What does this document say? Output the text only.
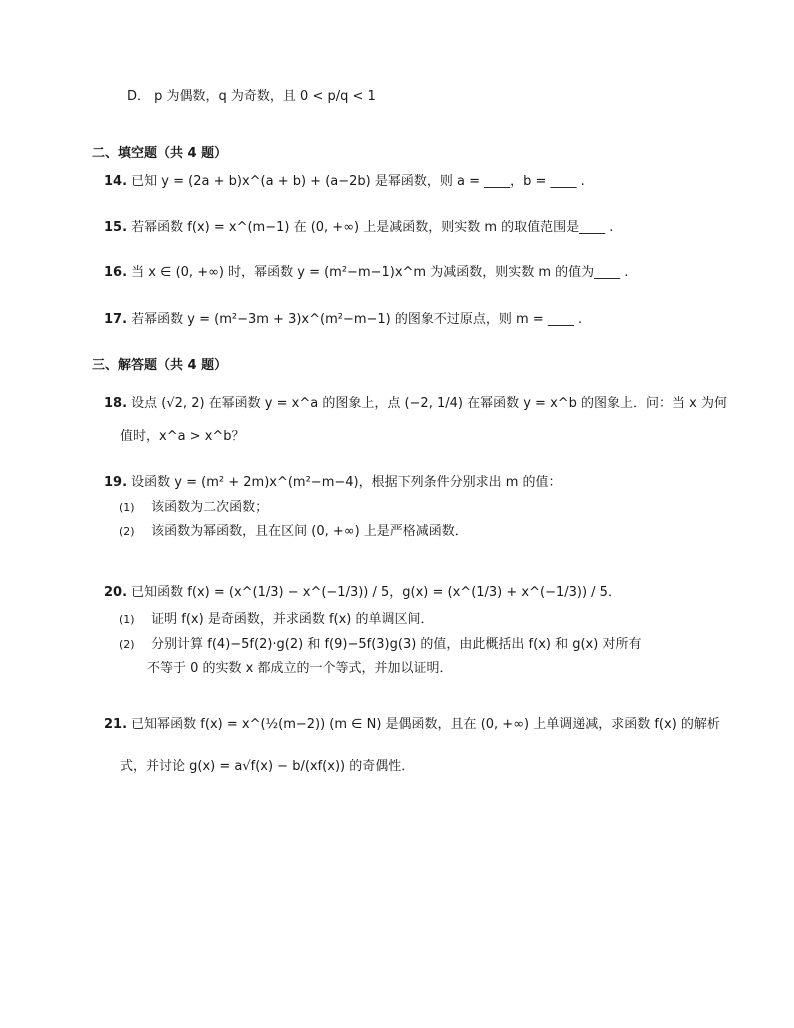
D． p 为偶数，q 为奇数，且 0 < p/q < 1
二、填空题（共 4 题）
14. 已知 y = (2a + b)x^(a + b) + (a−2b) 是幂函数，则 a = ____，b = ____ .
15. 若幂函数 f(x) = x^(m−1) 在 (0, +∞) 上是减函数，则实数 m 的取值范围是____ .
16. 当 x ∈ (0, +∞) 时，幂函数 y = (m²−m−1)x^m 为减函数，则实数 m 的值为____ .
17. 若幂函数 y = (m²−3m + 3)x^(m²−m−1) 的图象不过原点，则 m = ____ .
三、解答题（共 4 题）
18. 设点 (√2, 2) 在幂函数 y = x^a 的图象上，点 (−2, 1/4) 在幂函数 y = x^b 的图象上．问：当 x 为何
值时，x^a > x^b？
19. 设函数 y = (m² + 2m)x^(m²−m−4)，根据下列条件分别求出 m 的值：
(1) 该函数为二次函数；
(2) 该函数为幂函数，且在区间 (0, +∞) 上是严格减函数．
20. 已知函数 f(x) = (x^(1/3) − x^(−1/3)) / 5，g(x) = (x^(1/3) + x^(−1/3)) / 5．
(1) 证明 f(x) 是奇函数，并求函数 f(x) 的单调区间．
(2) 分别计算 f(4)−5f(2)·g(2) 和 f(9)−5f(3)g(3) 的值，由此概括出 f(x) 和 g(x) 对所有
不等于 0 的实数 x 都成立的一个等式，并加以证明．
21. 已知幂函数 f(x) = x^(½(m−2)) (m ∈ N) 是偶函数，且在 (0, +∞) 上单调递减，求函数 f(x) 的解析
式，并讨论 g(x) = a√f(x) − b/(xf(x)) 的奇偶性．
